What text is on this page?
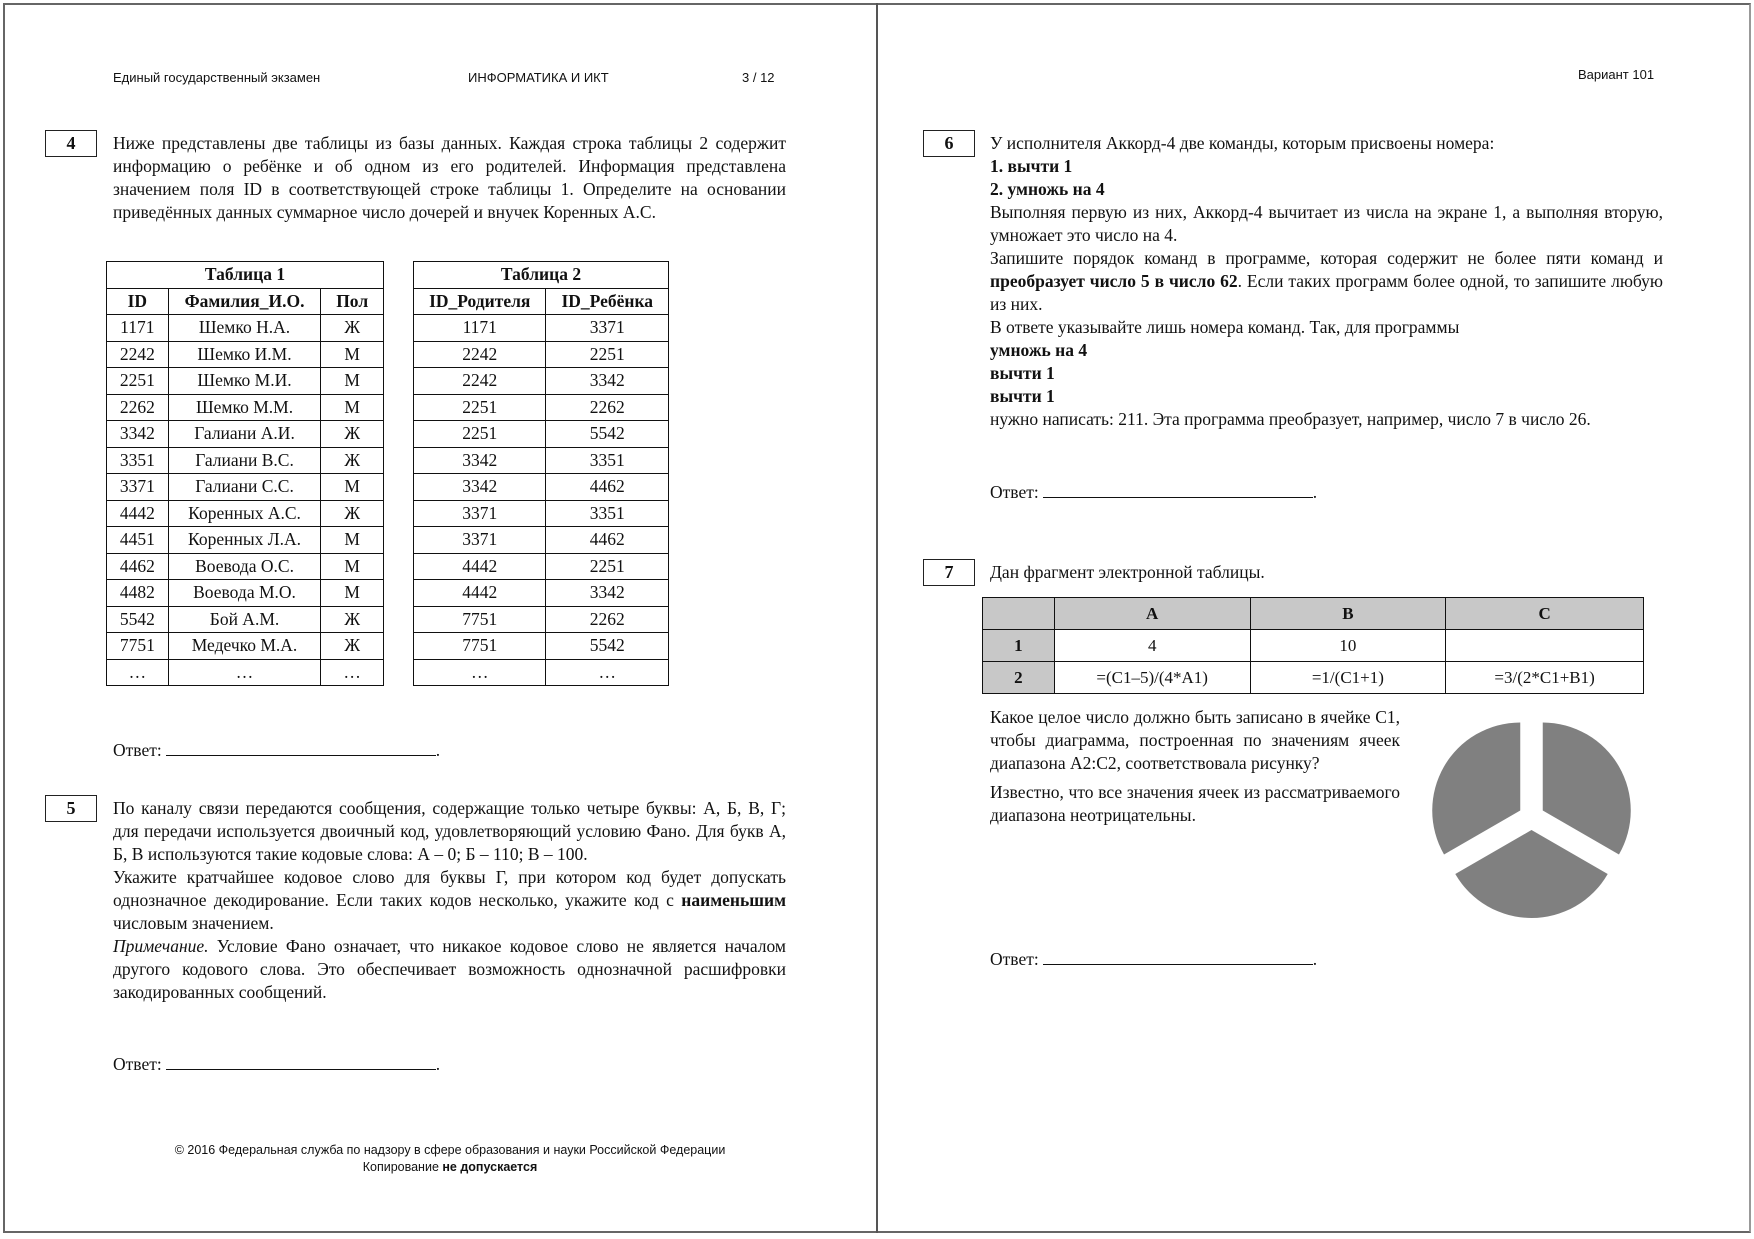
Единый государственный экзамен	ИНФОРМАТИКА И ИКТ	3 / 12
4	Ниже представлены две таблицы из базы данных. Каждая строка таблицы 2 содержит информацию о ребёнке и об одном из его родителей. Информация представлена значением поля ID в соответствующей строке таблицы 1. Определите на основании приведённых данных суммарное число дочерей и внучек Коренных А.С.

Таблица 1		
ID	Фамилия_И.О.	Пол
1171	Шемко Н.А.	Ж
2242	Шемко И.М.	М
2251	Шемко М.И.	М
2262	Шемко М.М.	М
3342	Галиани А.И.	Ж
3351	Галиани В.С.	Ж
3371	Галиани С.С.	М
4442	Коренных А.С.	Ж
4451	Коренных Л.А.	М
4462	Воевода О.С.	М
4482	Воевода М.О.	М
5542	Бой А.М.	Ж
7751	Медечко М.А.	Ж
…	…	…
Таблица 2	
ID_Родителя	ID_Ребёнка
1171	3371
2242	2251
2242	3342
2251	2262
2251	5542
3342	3351
3342	4462
3371	3351
3371	4462
4442	2251
4442	3342
7751	2262
7751	5542
…	…
Ответ:	.
5	По каналу связи передаются сообщения, содержащие только четыре буквы: А, Б, В, Г; для передачи используется двоичный код, удовлетворяющий условию Фано. Для букв А, Б, В используются такие кодовые слова: А – 0; Б – 110; В – 100.

Укажите кратчайшее кодовое слово для буквы Г, при котором код будет допускать однозначное декодирование. Если таких кодов несколько, укажите код с наименьшим числовым значением.

Примечание. Условие Фано означает, что никакое кодовое слово не является началом другого кодового слова. Это обеспечивает возможность однозначной расшифровки закодированных сообщений.

Ответ:	.
© 2016 Федеральная служба по надзору в сфере образования и науки Российской Федерации
Копирование не допускается
Вариант 101
6	У исполнителя Аккорд-4 две команды, которым присвоены номера:

1. вычти 1

2. умножь на 4

Выполняя первую из них, Аккорд-4 вычитает из числа на экране 1, а выполняя вторую, умножает это число на 4.

Запишите порядок команд в программе, которая содержит не более пяти команд и преобразует число 5 в число 62. Если таких программ более одной, то запишите любую из них.

В ответе указывайте лишь номера команд. Так, для программы

умножь на 4

вычти 1

вычти 1

нужно написать: 211. Эта программа преобразует, например, число 7 в число 26.

Ответ:	.
7	Дан фрагмент электронной таблицы.

	A	B	C
1	4	10	
2	=(C1–5)/(4*A1)	=1/(C1+1)	=3/(2*C1+B1)

Какое целое число должно быть записано в ячейке C1, чтобы диаграмма, построенная по значениям ячеек диапазона A2:C2, соответствовала рисунку?

Известно, что все значения ячеек из рассматриваемого диапазона неотрицательны.

Ответ:	.
